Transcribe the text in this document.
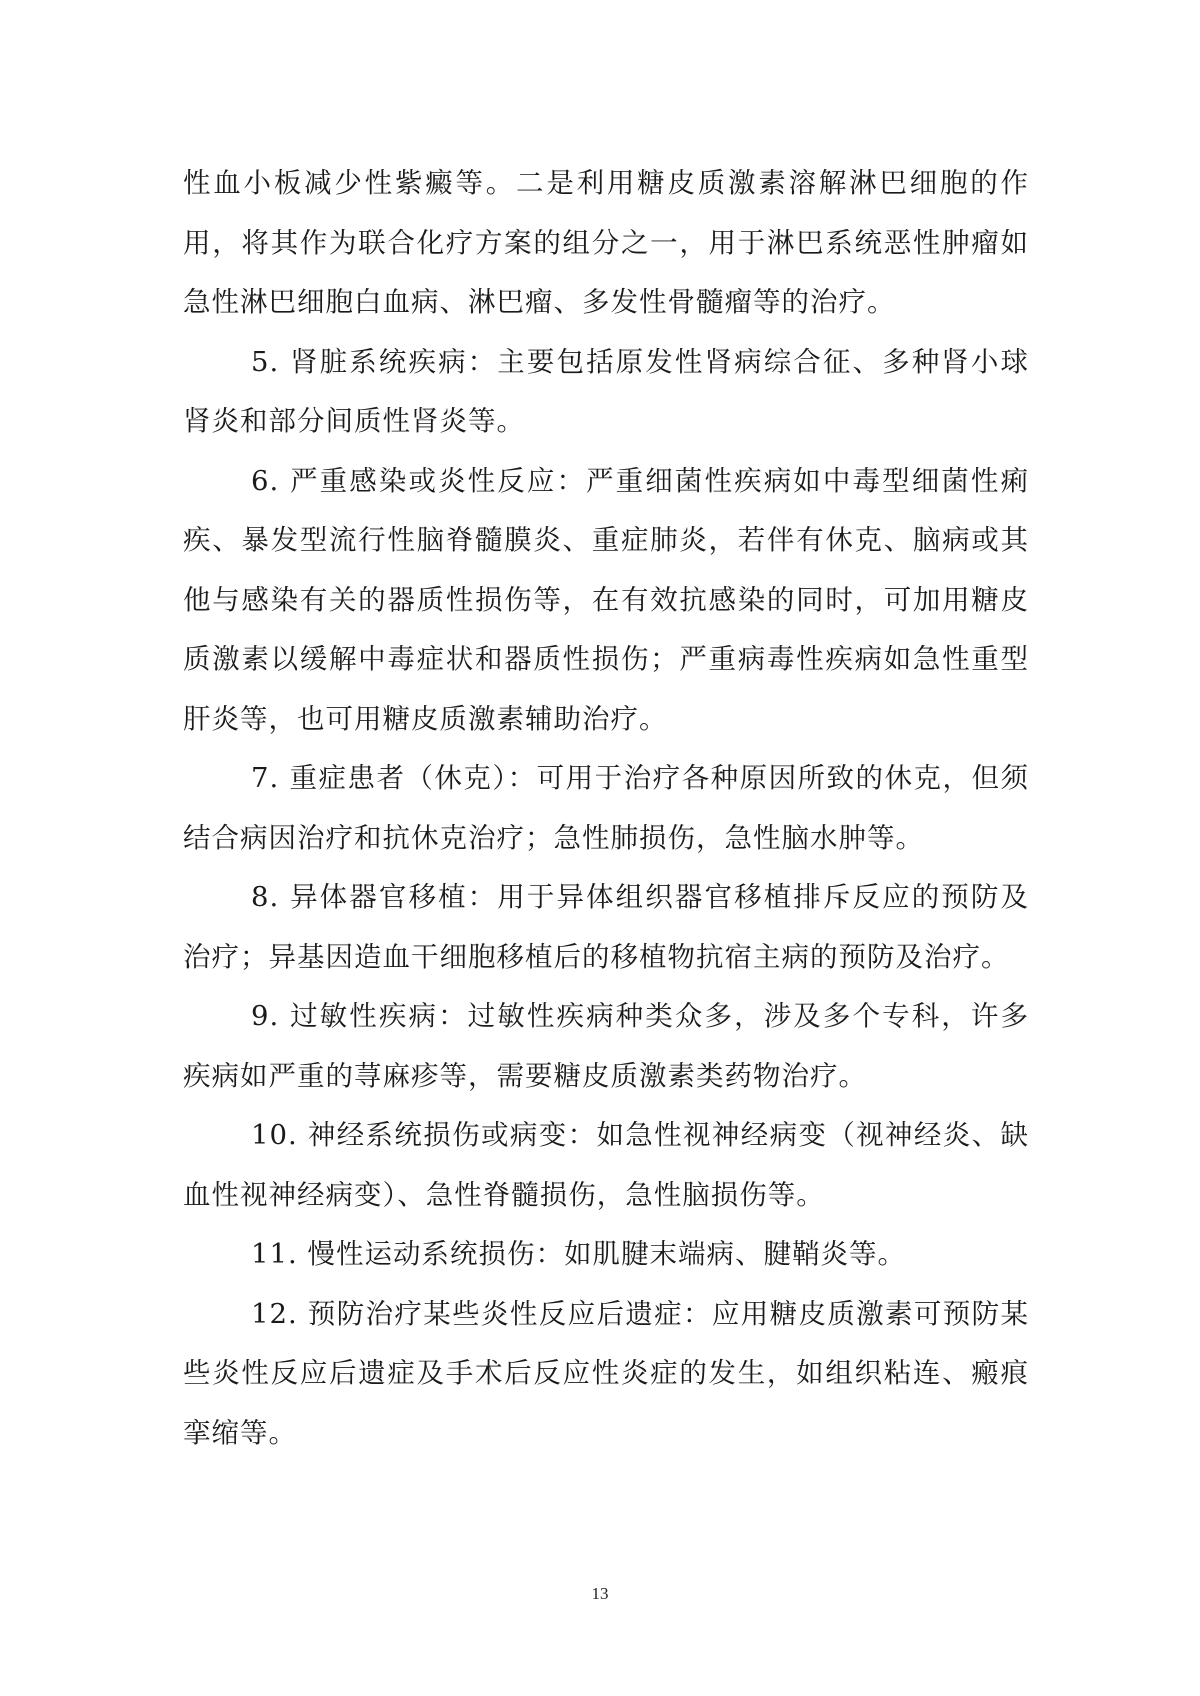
性血小板减少性紫癜等。二是利用糖皮质激素溶解淋巴细胞的作用，将其作为联合化疗方案的组分之一，用于淋巴系统恶性肿瘤如急性淋巴细胞白血病、淋巴瘤、多发性骨髓瘤等的治疗。

5. 肾脏系统疾病：主要包括原发性肾病综合征、多种肾小球肾炎和部分间质性肾炎等。

6. 严重感染或炎性反应：严重细菌性疾病如中毒型细菌性痢疾、暴发型流行性脑脊髓膜炎、重症肺炎，若伴有休克、脑病或其他与感染有关的器质性损伤等，在有效抗感染的同时，可加用糖皮质激素以缓解中毒症状和器质性损伤；严重病毒性疾病如急性重型肝炎等，也可用糖皮质激素辅助治疗。

7. 重症患者（休克）：可用于治疗各种原因所致的休克，但须结合病因治疗和抗休克治疗；急性肺损伤，急性脑水肿等。

8. 异体器官移植：用于异体组织器官移植排斥反应的预防及治疗；异基因造血干细胞移植后的移植物抗宿主病的预防及治疗。

9. 过敏性疾病：过敏性疾病种类众多，涉及多个专科，许多疾病如严重的荨麻疹等，需要糖皮质激素类药物治疗。

10. 神经系统损伤或病变：如急性视神经病变（视神经炎、缺血性视神经病变）、急性脊髓损伤，急性脑损伤等。

11. 慢性运动系统损伤：如肌腱末端病、腱鞘炎等。

12. 预防治疗某些炎性反应后遗症：应用糖皮质激素可预防某些炎性反应后遗症及手术后反应性炎症的发生，如组织粘连、瘢痕挛缩等。

13
